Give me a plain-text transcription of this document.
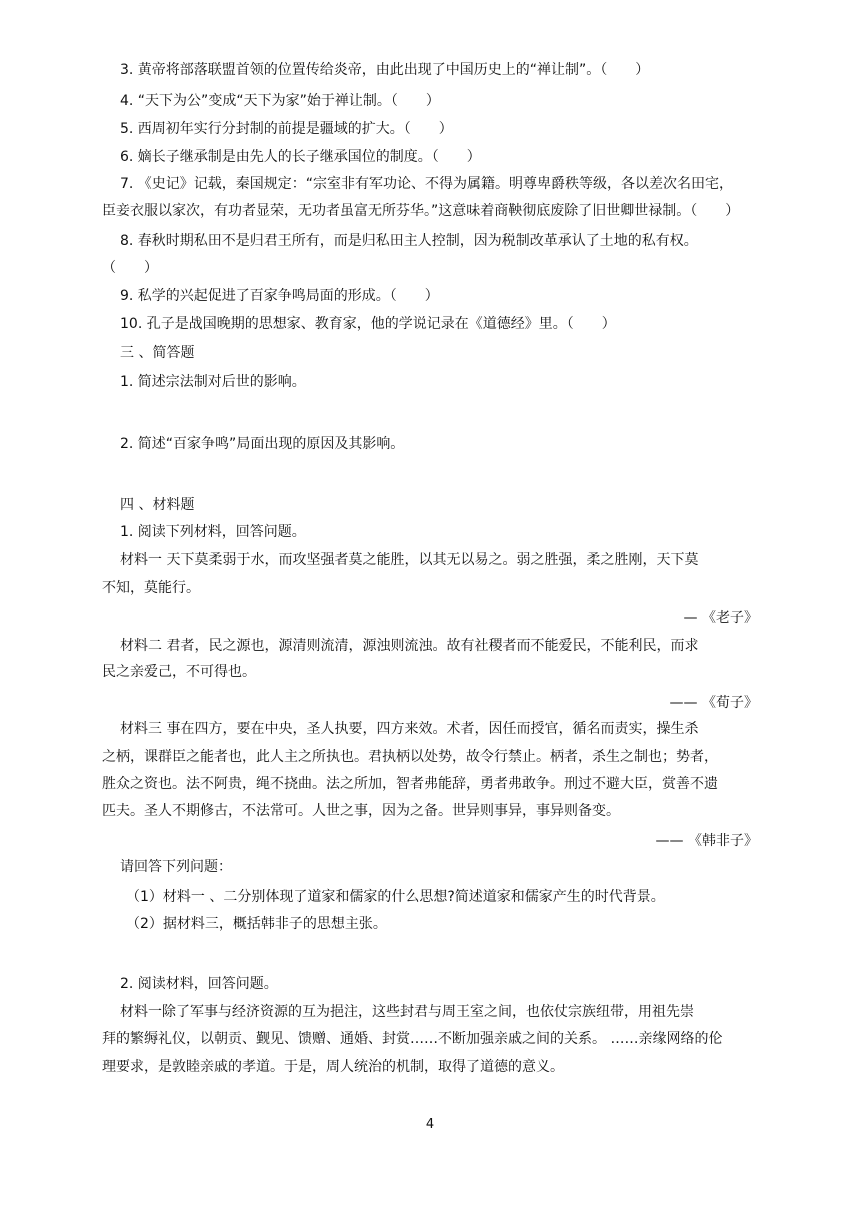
3. 黄帝将部落联盟首领的位置传给炎帝，由此出现了中国历史上的“禅让制”。（　　）
4. “天下为公”变成“天下为家”始于禅让制。（　　）
5. 西周初年实行分封制的前提是疆域的扩大。（　　）
6. 嫡长子继承制是由先人的长子继承国位的制度。（　　）
7. 《史记》记载，秦国规定：“宗室非有军功论、不得为属籍。明尊卑爵秩等级，各以差次名田宅，
臣妾衣服以家次，有功者显荣，无功者虽富无所芬华。”这意味着商鞅彻底废除了旧世卿世禄制。（　　）
8. 春秋时期私田不是归君王所有，而是归私田主人控制，因为税制改革承认了土地的私有权。
（　　）
9. 私学的兴起促进了百家争鸣局面的形成。（　　）
10. 孔子是战国晚期的思想家、教育家，他的学说记录在《道德经》里。（　　）
三 、简答题
1. 简述宗法制对后世的影响。
2. 简述“百家争鸣”局面出现的原因及其影响。
四 、材料题
1. 阅读下列材料，回答问题。
材料一 天下莫柔弱于水，而攻坚强者莫之能胜，以其无以易之。弱之胜强，柔之胜刚，天下莫
不知，莫能行。
— 《老子》
材料二 君者，民之源也，源清则流清，源浊则流浊。故有社稷者而不能爱民，不能利民，而求
民之亲爱己，不可得也。
—— 《荀子》
材料三 事在四方，要在中央，圣人执要，四方来效。术者，因任而授官，循名而责实，操生杀
之柄，课群臣之能者也，此人主之所执也。君执柄以处势，故令行禁止。柄者，杀生之制也；势者，
胜众之资也。法不阿贵，绳不挠曲。法之所加，智者弗能辞，勇者弗敢争。刑过不避大臣，赏善不遗
匹夫。圣人不期修古，不法常可。人世之事，因为之备。世异则事异，事异则备变。
—— 《韩非子》
请回答下列问题：
（1）材料一 、二分别体现了道家和儒家的什么思想?简述道家和儒家产生的时代背景。
（2）据材料三，概括韩非子的思想主张。
2. 阅读材料，回答问题。
材料一除了军事与经济资源的互为挹注，这些封君与周王室之间，也依仗宗族纽带，用祖先崇
拜的繁缛礼仪，以朝贡、觐见、馈赠、通婚、封赏……不断加强亲戚之间的关系。 ……亲缘网络的伦
理要求，是敦睦亲戚的孝道。于是，周人统治的机制，取得了道德的意义。
4
